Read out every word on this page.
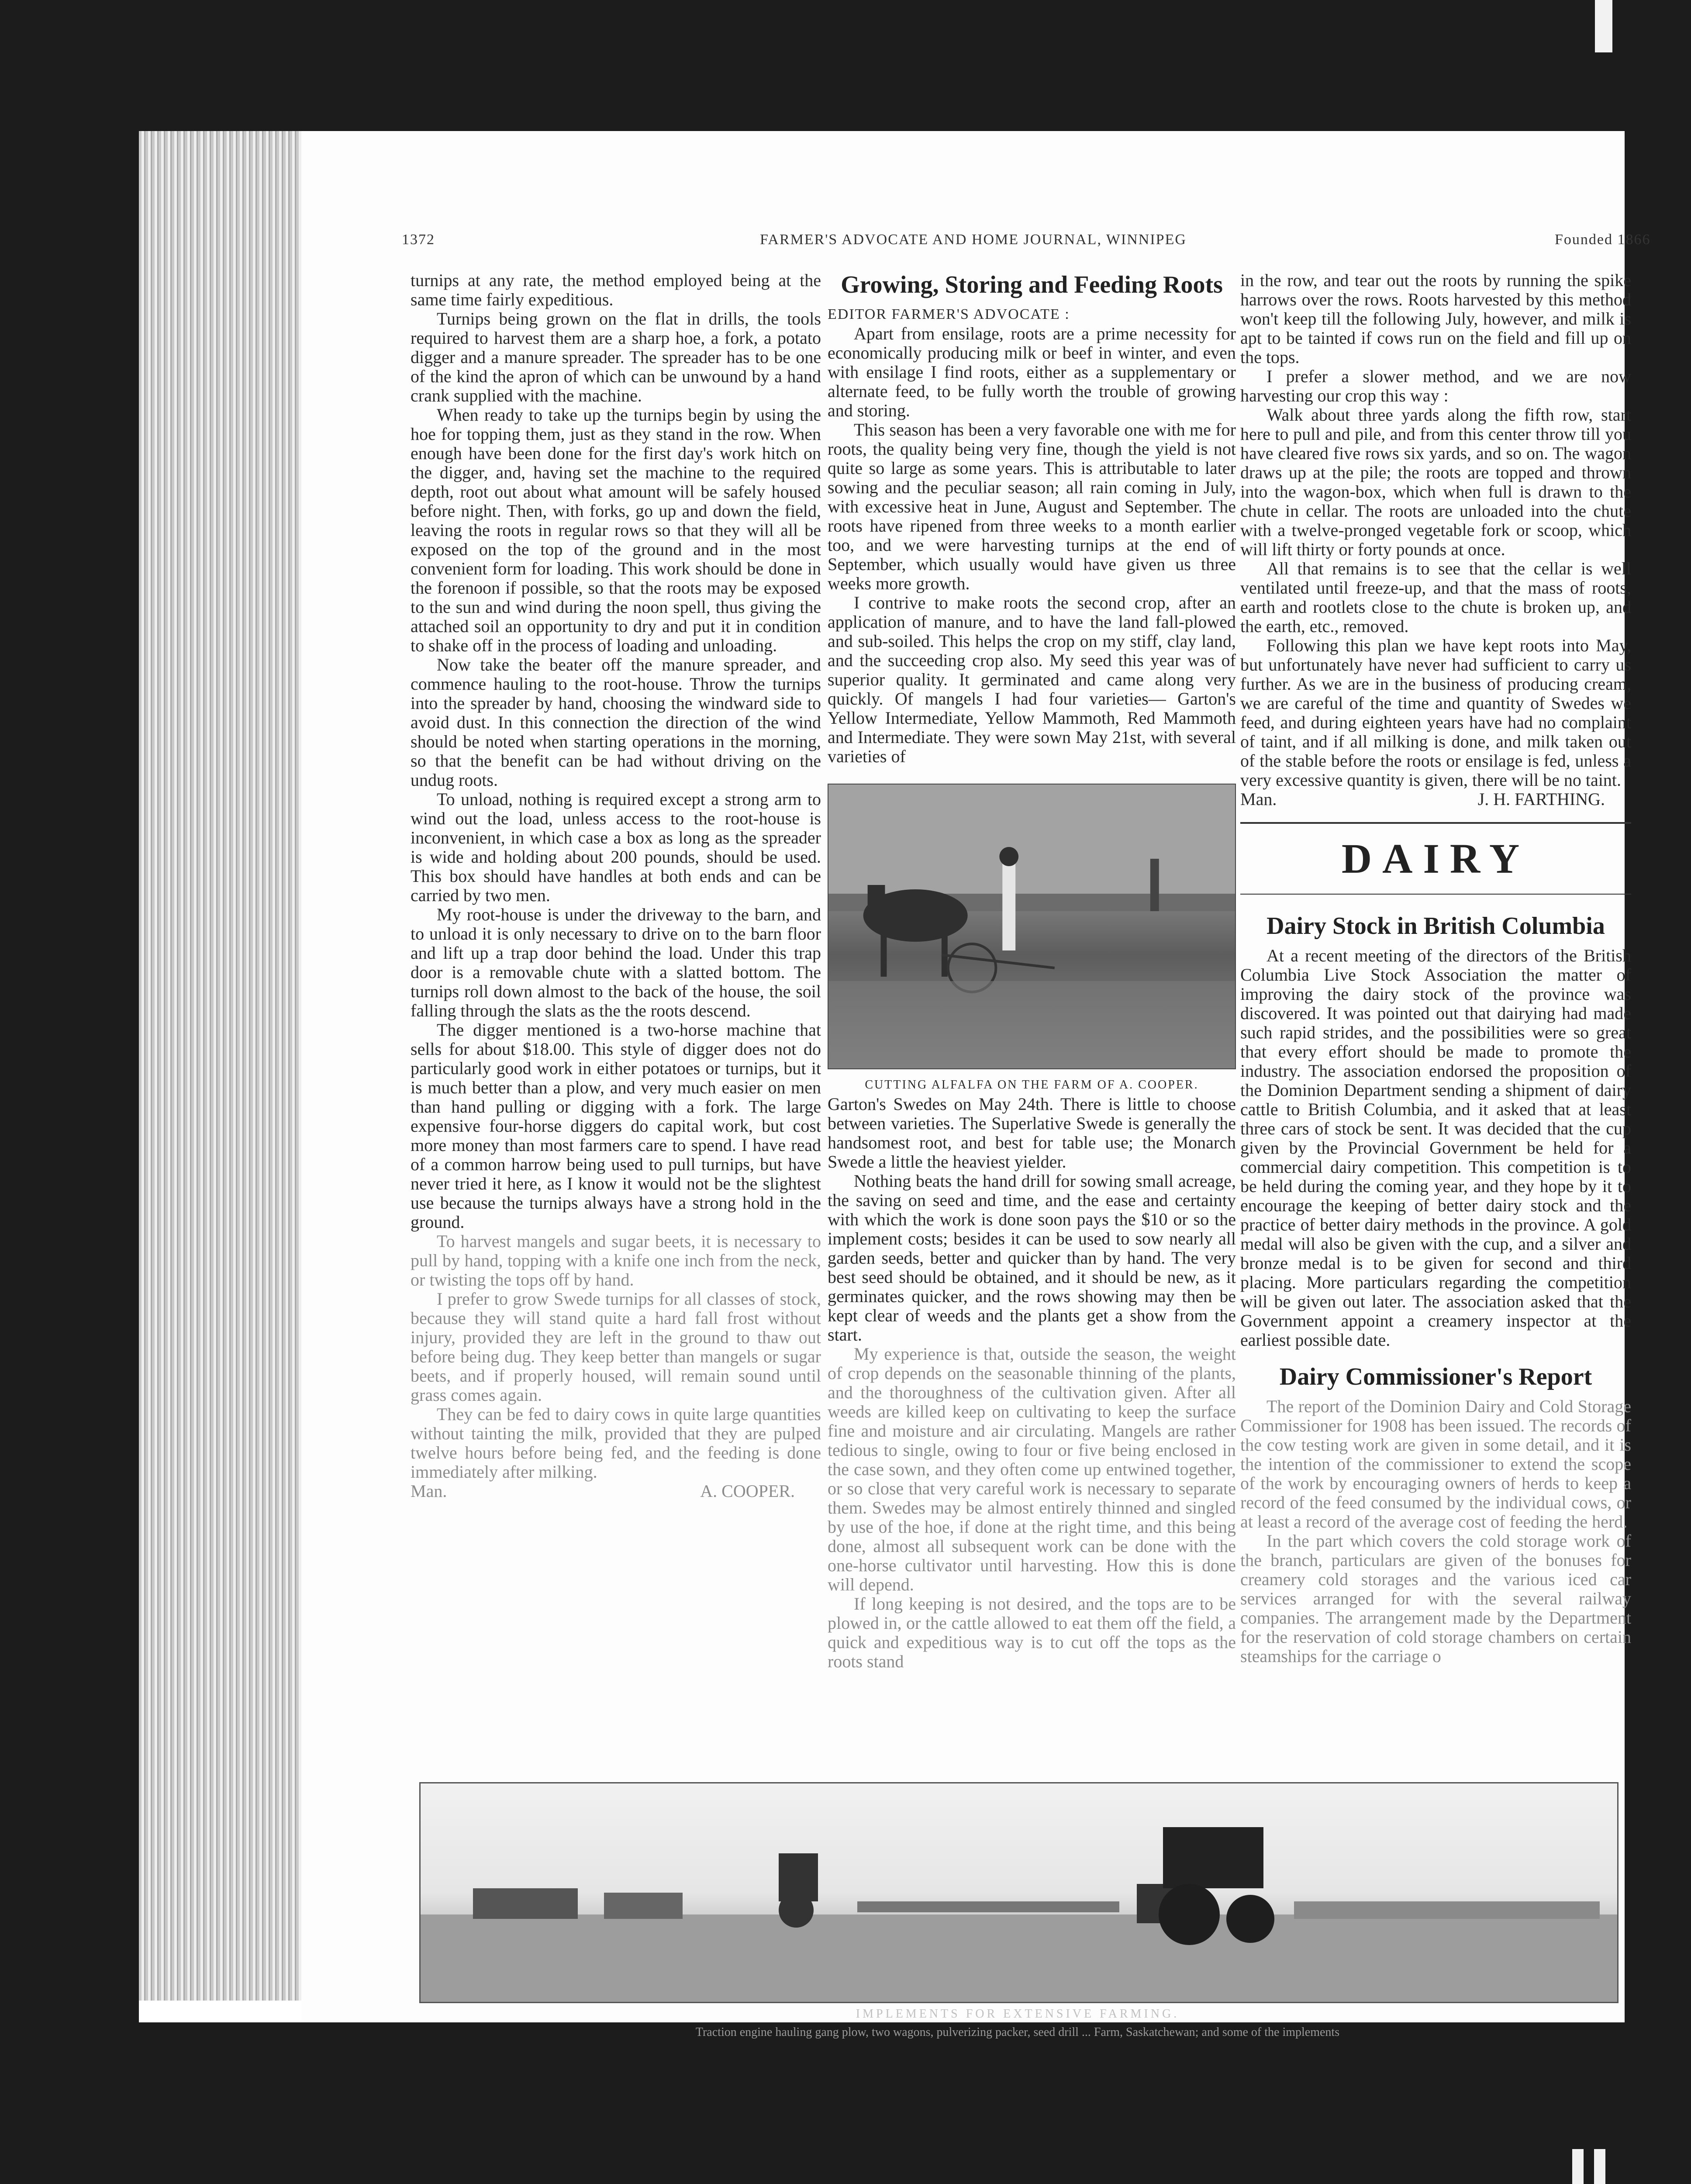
1372	FARMER'S ADVOCATE AND HOME JOURNAL, WINNIPEG	Founded 1866

turnips at any rate, the method employed being at the same time fairly expeditious.

Turnips being grown on the flat in drills, the tools required to harvest them are a sharp hoe, a fork, a potato digger and a manure spreader. The spreader has to be one of the kind the apron of which can be unwound by a hand crank supplied with the machine.

When ready to take up the turnips begin by using the hoe for topping them, just as they stand in the row. When enough have been done for the first day's work hitch on the digger, and, having set the machine to the required depth, root out about what amount will be safely housed before night. Then, with forks, go up and down the field, leaving the roots in regular rows so that they will all be exposed on the top of the ground and in the most convenient form for loading. This work should be done in the forenoon if possible, so that the roots may be exposed to the sun and wind during the noon spell, thus giving the attached soil an opportunity to dry and put it in condition to shake off in the process of loading and unloading.

Now take the beater off the manure spreader, and commence hauling to the root-house. Throw the turnips into the spreader by hand, choosing the windward side to avoid dust. In this connection the direction of the wind should be noted when starting operations in the morning, so that the benefit can be had without driving on the undug roots.

To unload, nothing is required except a strong arm to wind out the load, unless access to the root-house is inconvenient, in which case a box as long as the spreader is wide and holding about 200 pounds, should be used. This box should have handles at both ends and can be carried by two men.

My root-house is under the driveway to the barn, and to unload it is only necessary to drive on to the barn floor and lift up a trap door behind the load. Under this trap door is a removable chute with a slatted bottom. The turnips roll down almost to the back of the house, the soil falling through the slats as the the roots descend.

The digger mentioned is a two-horse machine that sells for about $18.00. This style of digger does not do particularly good work in either potatoes or turnips, but it is much better than a plow, and very much easier on men than hand pulling or digging with a fork. The large expensive four-horse diggers do capital work, but cost more money than most farmers care to spend. I have read of a common harrow being used to pull turnips, but have never tried it here, as I know it would not be the slightest use because the turnips always have a strong hold in the ground.

To harvest mangels and sugar beets, it is necessary to pull by hand, topping with a knife one inch from the neck, or twisting the tops off by hand.

I prefer to grow Swede turnips for all classes of stock, because they will stand quite a hard fall frost without injury, provided they are left in the ground to thaw out before being dug. They keep better than mangels or sugar beets, and if properly housed, will remain sound until grass comes again.

They can be fed to dairy cows in quite large quantities without tainting the milk, provided that they are pulped twelve hours before being fed, and the feeding is done immediately after milking.

Man.	A. COOPER.

Growing, Storing and Feeding Roots

EDITOR FARMER'S ADVOCATE :

Apart from ensilage, roots are a prime necessity for economically producing milk or beef in winter, and even with ensilage I find roots, either as a supplementary or alternate feed, to be fully worth the trouble of growing and storing.

This season has been a very favorable one with me for roots, the quality being very fine, though the yield is not quite so large as some years. This is attributable to later sowing and the peculiar season; all rain coming in July, with excessive heat in June, August and September. The roots have ripened from three weeks to a month earlier too, and we were harvesting turnips at the end of September, which usually would have given us three weeks more growth.

I contrive to make roots the second crop, after an application of manure, and to have the land fall-plowed and sub-soiled. This helps the crop on my stiff, clay land, and the succeeding crop also. My seed this year was of superior quality. It germinated and came along very quickly. Of mangels I had four varieties— Garton's Yellow Intermediate, Yellow Mammoth, Red Mammoth and Intermediate. They were sown May 21st, with several varieties of

CUTTING ALFALFA ON THE FARM OF A. COOPER.

Garton's Swedes on May 24th. There is little to choose between varieties. The Superlative Swede is generally the handsomest root, and best for table use; the Monarch Swede a little the heaviest yielder.

Nothing beats the hand drill for sowing small acreage, the saving on seed and time, and the ease and certainty with which the work is done soon pays the $10 or so the implement costs; besides it can be used to sow nearly all garden seeds, better and quicker than by hand. The very best seed should be obtained, and it should be new, as it germinates quicker, and the rows showing may then be kept clear of weeds and the plants get a show from the start.

My experience is that, outside the season, the weight of crop depends on the seasonable thinning of the plants, and the thoroughness of the cultivation given. After all weeds are killed keep on cultivating to keep the surface fine and moisture and air circulating. Mangels are rather tedious to single, owing to four or five being enclosed in the case sown, and they often come up entwined together, or so close that very careful work is necessary to separate them. Swedes may be almost entirely thinned and singled by use of the hoe, if done at the right time, and this being done, almost all subsequent work can be done with the one-horse cultivator until harvesting. How this is done will depend.

If long keeping is not desired, and the tops are to be plowed in, or the cattle allowed to eat them off the field, a quick and expeditious way is to cut off the tops as the roots stand

in the row, and tear out the roots by running the spike harrows over the rows. Roots harvested by this method won't keep till the following July, however, and milk is apt to be tainted if cows run on the field and fill up on the tops.

I prefer a slower method, and we are now harvesting our crop this way :

Walk about three yards along the fifth row, start here to pull and pile, and from this center throw till you have cleared five rows six yards, and so on. The wagon draws up at the pile; the roots are topped and thrown into the wagon-box, which when full is drawn to the chute in cellar. The roots are unloaded into the chute with a twelve-pronged vegetable fork or scoop, which will lift thirty or forty pounds at once.

All that remains is to see that the cellar is well ventilated until freeze-up, and that the mass of roots, earth and rootlets close to the chute is broken up, and the earth, etc., removed.

Following this plan we have kept roots into May, but unfortunately have never had sufficient to carry us further. As we are in the business of producing cream, we are careful of the time and quantity of Swedes we feed, and during eighteen years have had no complaint of taint, and if all milking is done, and milk taken out of the stable before the roots or ensilage is fed, unless a very excessive quantity is given, there will be no taint.

Man.	J. H. FARTHING.

DAIRY
Dairy Stock in British Columbia

At a recent meeting of the directors of the British Columbia Live Stock Association the matter of improving the dairy stock of the province was discovered. It was pointed out that dairying had made such rapid strides, and the possibilities were so great that every effort should be made to promote the industry. The association endorsed the proposition of the Dominion Department sending a shipment of dairy cattle to British Columbia, and it asked that at least three cars of stock be sent. It was decided that the cup given by the Provincial Government be held for a commercial dairy competition. This competition is to be held during the coming year, and they hope by it to encourage the keeping of better dairy stock and the practice of better dairy methods in the province. A gold medal will also be given with the cup, and a silver and bronze medal is to be given for second and third placing. More particulars regarding the competition will be given out later. The association asked that the Government appoint a creamery inspector at the earliest possible date.

Dairy Commissioner's Report

The report of the Dominion Dairy and Cold Storage Commissioner for 1908 has been issued. The records of the cow testing work are given in some detail, and it is the intention of the commissioner to extend the scope of the work by encouraging owners of herds to keep a record of the feed consumed by the individual cows, or at least a record of the average cost of feeding the herd.

In the part which covers the cold storage work of the branch, particulars are given of the bonuses for creamery cold storages and the various iced car services arranged for with the several railway companies. The arrangement made by the Department for the reservation of cold storage chambers on certain steamships for the carriage o

IMPLEMENTS FOR EXTENSIVE FARMING.
Traction engine hauling gang plow, two wagons, pulverizing packer, seed drill ... Farm, Saskatchewan; and some of the implements
